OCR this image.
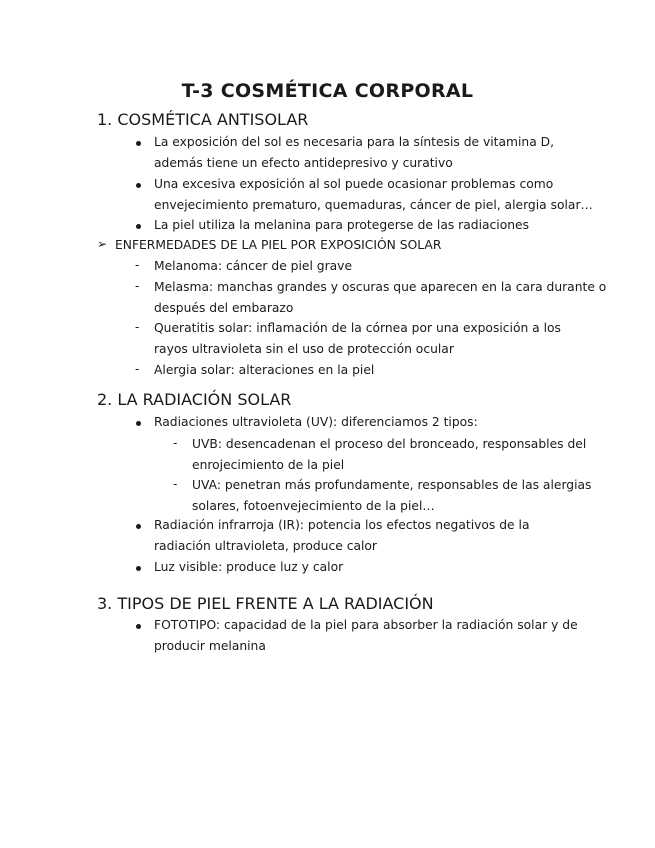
T-3 COSMÉTICA CORPORAL
1. COSMÉTICA ANTISOLAR
La exposición del sol es necesaria para la síntesis de vitamina D,
además tiene un efecto antidepresivo y curativo
Una excesiva exposición al sol puede ocasionar problemas como
envejecimiento prematuro, quemaduras, cáncer de piel, alergia solar…
La piel utiliza la melanina para protegerse de las radiaciones
➢ ENFERMEDADES DE LA PIEL POR EXPOSICIÓN SOLAR
- Melanoma: cáncer de piel grave
- Melasma: manchas grandes y oscuras que aparecen en la cara durante o
después del embarazo
- Queratitis solar: inflamación de la córnea por una exposición a los
rayos ultravioleta sin el uso de protección ocular
- Alergia solar: alteraciones en la piel
2. LA RADIACIÓN SOLAR
Radiaciones ultravioleta (UV): diferenciamos 2 tipos:
- UVB: desencadenan el proceso del bronceado, responsables del
enrojecimiento de la piel
- UVA: penetran más profundamente, responsables de las alergias
solares, fotoenvejecimiento de la piel…
Radiación infrarroja (IR): potencia los efectos negativos de la
radiación ultravioleta, produce calor
Luz visible: produce luz y calor
3. TIPOS DE PIEL FRENTE A LA RADIACIÓN
FOTOTIPO: capacidad de la piel para absorber la radiación solar y de
producir melanina
